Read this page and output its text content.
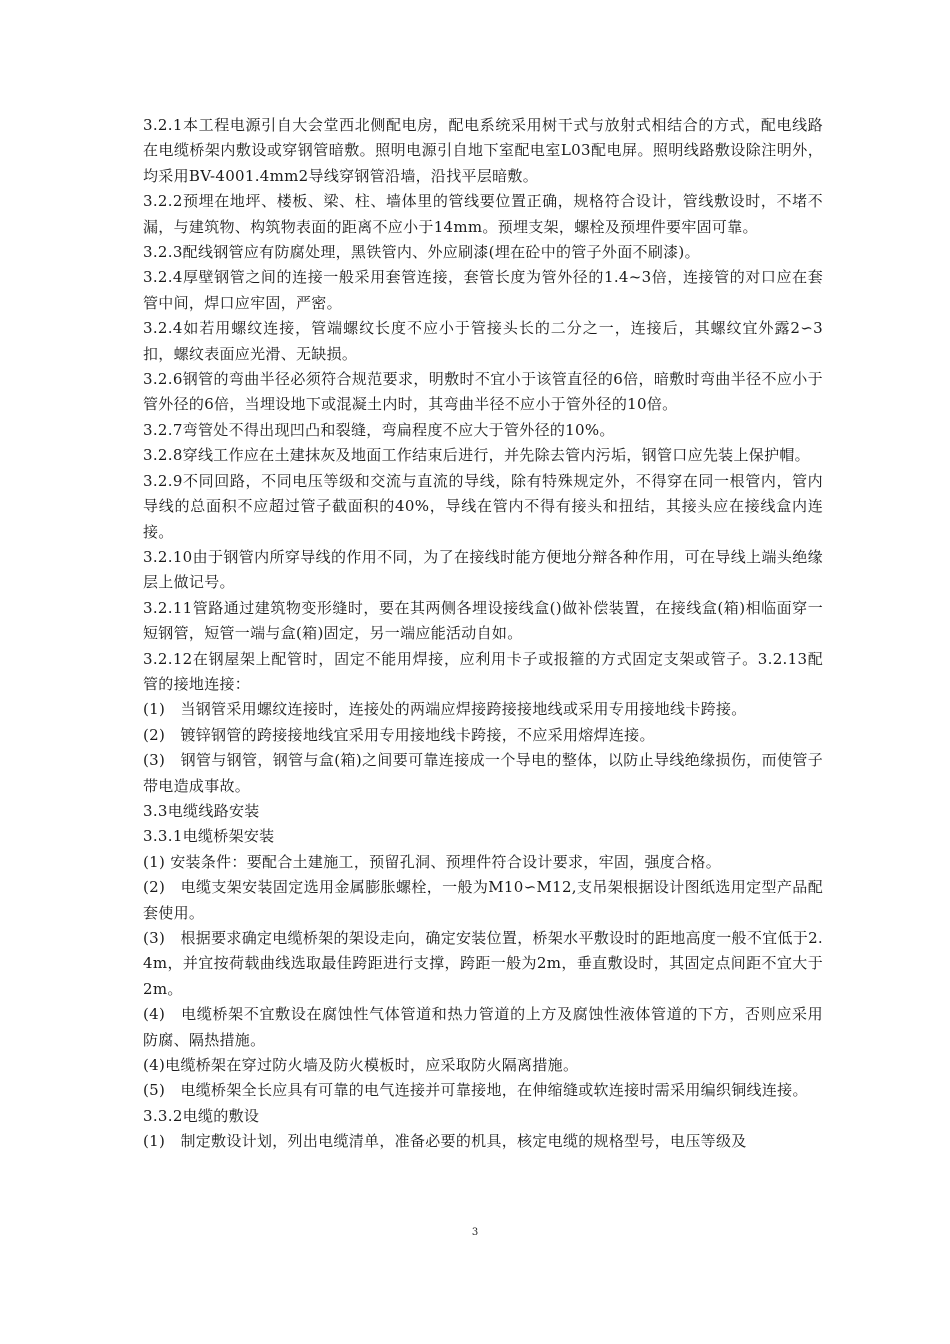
3.2.1本工程电源引自大会堂西北侧配电房，配电系统采用树干式与放射式相结合的方式，配电线路在电缆桥架内敷设或穿钢管暗敷。照明电源引自地下室配电室L03配电屏。照明线路敷设除注明外，均采用BV-4001.4mm2导线穿钢管沿墙，沿找平层暗敷。

3.2.2预埋在地坪、楼板、梁、柱、墙体里的管线要位置正确，规格符合设计，管线敷设时，不堵不漏，与建筑物、构筑物表面的距离不应小于14mm。预埋支架，螺栓及预埋件要牢固可靠。

3.2.3配线钢管应有防腐处理，黑铁管内、外应刷漆(埋在砼中的管子外面不刷漆)。

3.2.4厚壁钢管之间的连接一般采用套管连接，套管长度为管外径的1.4~3倍，连接管的对口应在套管中间，焊口应牢固，严密。

3.2.4如若用螺纹连接，管端螺纹长度不应小于管接头长的二分之一，连接后，其螺纹宜外露2∽3扣，螺纹表面应光滑、无缺损。

3.2.6钢管的弯曲半径必须符合规范要求，明敷时不宜小于该管直径的6倍，暗敷时弯曲半径不应小于管外径的6倍，当埋设地下或混凝土内时，其弯曲半径不应小于管外径的10倍。

3.2.7弯管处不得出现凹凸和裂缝，弯扁程度不应大于管外径的10%。

3.2.8穿线工作应在土建抹灰及地面工作结束后进行，并先除去管内污垢，钢管口应先装上保护帽。

3.2.9不同回路，不同电压等级和交流与直流的导线，除有特殊规定外，不得穿在同一根管内，管内导线的总面积不应超过管子截面积的40%，导线在管内不得有接头和扭结，其接头应在接线盒内连接。

3.2.10由于钢管内所穿导线的作用不同，为了在接线时能方便地分辩各种作用，可在导线上端头绝缘层上做记号。

3.2.11管路通过建筑物变形缝时，要在其两侧各埋设接线盒()做补偿装置，在接线盒(箱)相临面穿一短钢管，短管一端与盒(箱)固定，另一端应能活动自如。

3.2.12在钢屋架上配管时，固定不能用焊接，应利用卡子或报箍的方式固定支架或管子。3.2.13配管的接地连接：

(1)　当钢管采用螺纹连接时，连接处的两端应焊接跨接接地线或采用专用接地线卡跨接。

(2)　镀锌钢管的跨接接地线宜采用专用接地线卡跨接，不应采用熔焊连接。

(3)　钢管与钢管，钢管与盒(箱)之间要可靠连接成一个导电的整体，以防止导线绝缘损伤，而使管子带电造成事故。

3.3电缆线路安装

3.3.1电缆桥架安装

(1) 安装条件：要配合土建施工，预留孔洞、预埋件符合设计要求，牢固，强度合格。

(2)　电缆支架安装固定选用金属膨胀螺栓，一般为M10∽M12,支吊架根据设计图纸选用定型产品配套使用。

(3)　根据要求确定电缆桥架的架设走向，确定安装位置，桥架水平敷设时的距地高度一般不宜低于2.4m，并宜按荷载曲线选取最佳跨距进行支撑，跨距一般为2m，垂直敷设时，其固定点间距不宜大于2m。

(4)　电缆桥架不宜敷设在腐蚀性气体管道和热力管道的上方及腐蚀性液体管道的下方，否则应采用防腐、隔热措施。

(4)电缆桥架在穿过防火墙及防火模板时，应采取防火隔离措施。

(5)　电缆桥架全长应具有可靠的电气连接并可靠接地，在伸缩缝或软连接时需采用编织铜线连接。

3.3.2电缆的敷设

(1)　制定敷设计划，列出电缆清单，准备必要的机具，核定电缆的规格型号，电压等级及

3
